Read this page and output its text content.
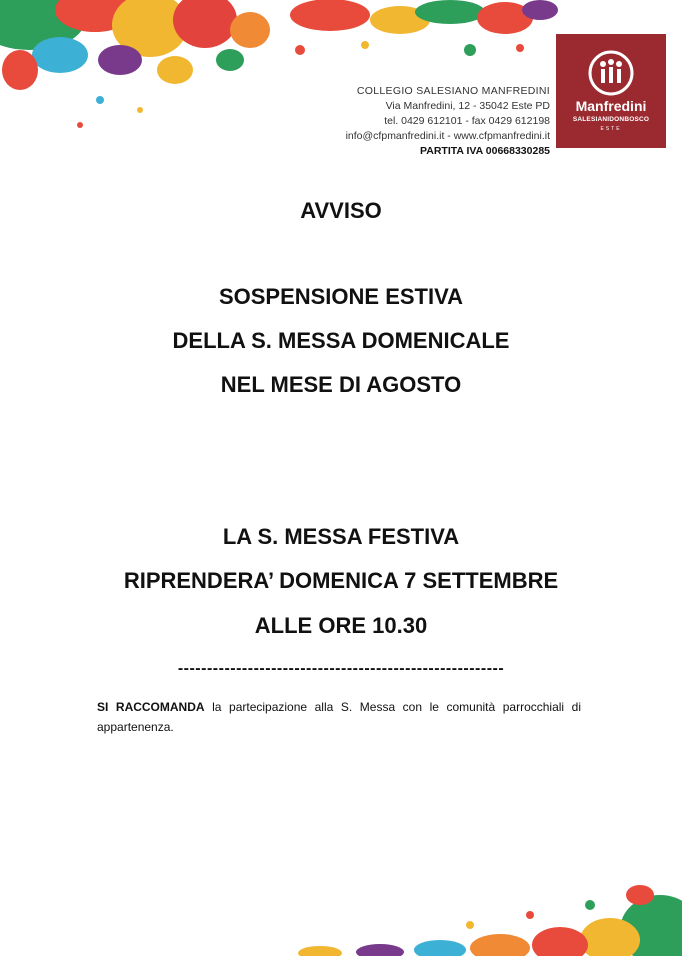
COLLEGIO SALESIANO MANFREDINI
Via Manfredini, 12 - 35042 Este PD
tel. 0429 612101 - fax 0429 612198
info@cfpmanfredini.it - www.cfpmanfredini.it
PARTITA IVA 00668330285
Manfredini
SALESIANIDONBOSCO
ESTE
AVVISO
SOSPENSIONE ESTIVA
DELLA S. MESSA DOMENICALE
NEL MESE DI AGOSTO
LA S. MESSA FESTIVA
RIPRENDERA’ DOMENICA 7 SETTEMBRE
ALLE ORE 10.30
--------------------------------------------------------
SI RACCOMANDA la partecipazione alla S. Messa con le comunità parrocchiali di appartenenza.
